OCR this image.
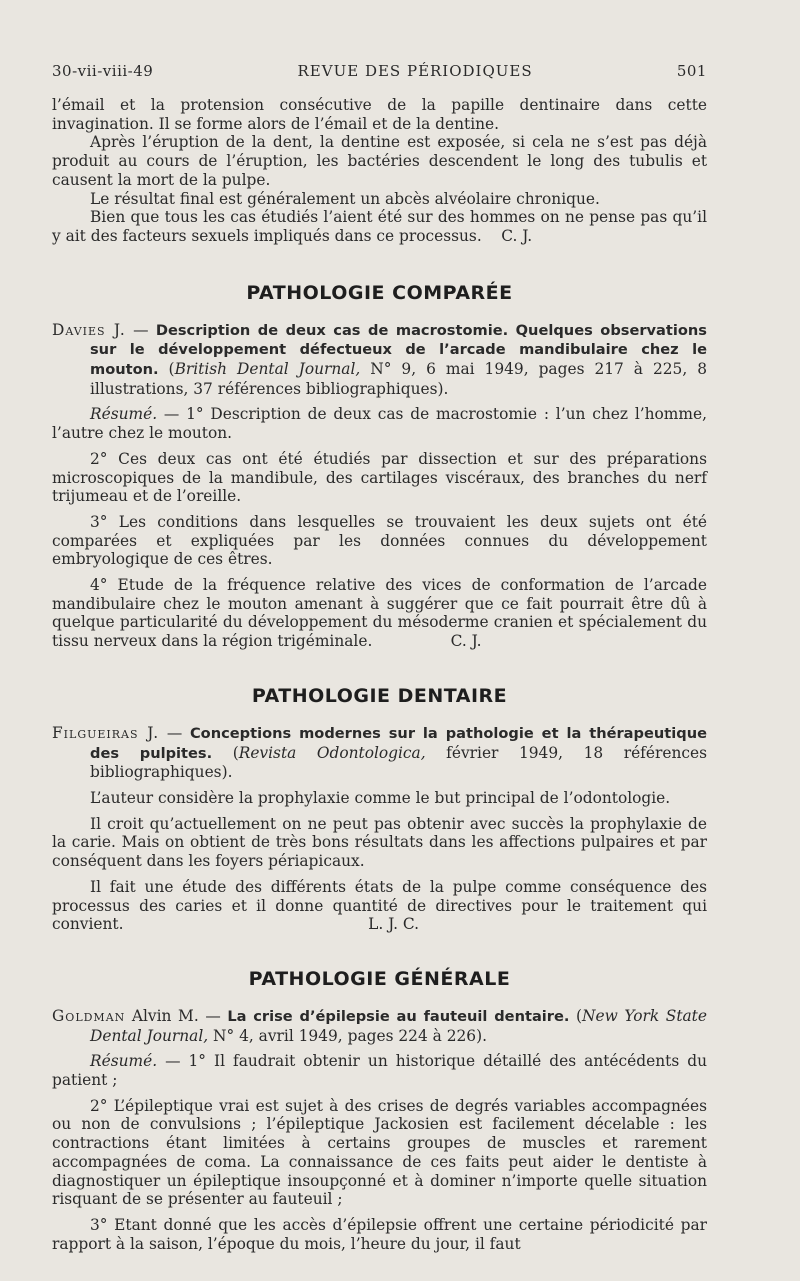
30-vii-viii-49	REVUE DES PÉRIODIQUES	501

l’émail et la protension consécutive de la papille dentinaire dans cette invagination. Il se forme alors de l’émail et de la dentine.

Après l’éruption de la dent, la dentine est exposée, si cela ne s’est pas déjà produit au cours de l’éruption, les bactéries descendent le long des tubulis et causent la mort de la pulpe.

Le résultat final est généralement un abcès alvéolaire chronique.

Bien que tous les cas étudiés l’aient été sur des hommes on ne pense pas qu’il y ait des facteurs sexuels impliqués dans ce processus. C. J.

PATHOLOGIE COMPARÉE

Davies J. — Description de deux cas de macrostomie. Quelques observations sur le développement défectueux de l’arcade mandibulaire chez le mouton. (British Dental Journal, N° 9, 6 mai 1949, pages 217 à 225, 8 illustrations, 37 références bibliographiques).

Résumé. — 1° Description de deux cas de macrostomie : l’un chez l’homme, l’autre chez le mouton.

2° Ces deux cas ont été étudiés par dissection et sur des préparations microscopiques de la mandibule, des cartilages viscéraux, des branches du nerf trijumeau et de l’oreille.

3° Les conditions dans lesquelles se trouvaient les deux sujets ont été comparées et expliquées par les données connues du développement embryologique de ces êtres.

4° Etude de la fréquence relative des vices de conformation de l’arcade mandibulaire chez le mouton amenant à suggérer que ce fait pourrait être dû à quelque particularité du développement du mésoderme cranien et spécialement du tissu nerveux dans la région trigéminale.	C. J.

PATHOLOGIE DENTAIRE

Filgueiras J. — Conceptions modernes sur la pathologie et la thérapeutique des pulpites. (Revista Odontologica, février 1949, 18 références bibliographiques).

L’auteur considère la prophylaxie comme le but principal de l’odontologie.

Il croit qu’actuellement on ne peut pas obtenir avec succès la prophylaxie de la carie. Mais on obtient de très bons résultats dans les affections pulpaires et par conséquent dans les foyers périapicaux.

Il fait une étude des différents états de la pulpe comme conséquence des processus des caries et il donne quantité de directives pour le traitement qui convient.	L. J. C.

PATHOLOGIE GÉNÉRALE

Goldman Alvin M. — La crise d’épilepsie au fauteuil dentaire. (New York State Dental Journal, N° 4, avril 1949, pages 224 à 226).

Résumé. — 1° Il faudrait obtenir un historique détaillé des antécédents du patient ;

2° L’épileptique vrai est sujet à des crises de degrés variables accompagnées ou non de convulsions ; l’épileptique Jackosien est facilement décelable : les contractions étant limitées à certains groupes de muscles et rarement accompagnées de coma. La connaissance de ces faits peut aider le dentiste à diagnostiquer un épileptique insoupçonné et à dominer n’importe quelle situation risquant de se présenter au fauteuil ;

3° Etant donné que les accès d’épilepsie offrent une certaine périodicité par rapport à la saison, l’époque du mois, l’heure du jour, il faut
